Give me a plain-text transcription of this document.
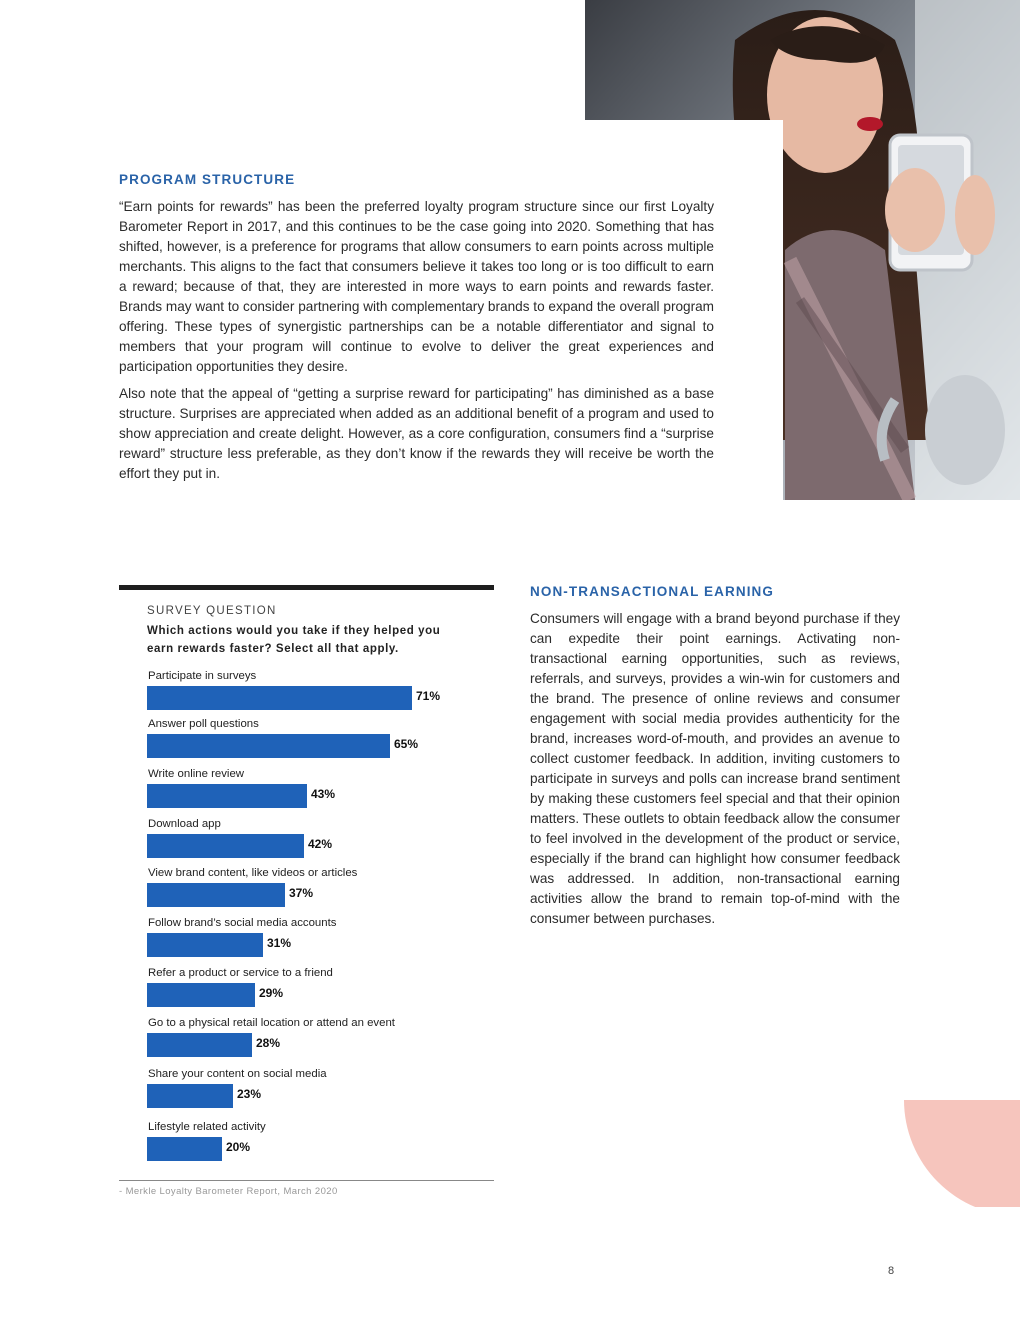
PROGRAM STRUCTURE

“Earn points for rewards” has been the preferred loyalty program structure since our first Loyalty Barometer Report in 2017, and this continues to be the case going into 2020. Something that has shifted, however, is a preference for programs that allow consumers to earn points across multiple merchants. This aligns to the fact that consumers believe it takes too long or is too difficult to earn a reward; because of that, they are interested in more ways to earn points and rewards faster. Brands may want to consider partnering with complementary brands to expand the overall program offering. These types of synergistic partnerships can be a notable differentiator and signal to members that your program will continue to evolve to deliver the great experiences and participation opportunities they desire.

Also note that the appeal of “getting a surprise reward for participating” has diminished as a base structure. Surprises are appreciated when added as an additional benefit of a program and used to show appreciation and create delight. However, as a core configuration, consumers find a “surprise reward” structure less preferable, as they don’t know if the rewards they will receive be worth the effort they put in.

SURVEY QUESTION
Which actions would you take if they helped you earn rewards faster? Select all that apply.
Participate in surveys
71%
Answer poll questions
65%
Write online review
43%
Download app
42%
View brand content, like videos or articles
37%
Follow brand’s social media accounts
31%
Refer a product or service to a friend
29%
Go to a physical retail location or attend an event
28%
Share your content on social media
23%
Lifestyle related activity
20%
- Merkle Loyalty Barometer Report, March 2020
NON-TRANSACTIONAL EARNING

Consumers will engage with a brand beyond purchase if they can expedite their point earnings. Activating non-transactional earning opportunities, such as reviews, referrals, and surveys, provides a win-win for customers and the brand. The presence of online reviews and consumer engagement with social media provides authenticity for the brand, increases word-of-mouth, and provides an avenue to collect customer feedback. In addition, inviting customers to participate in surveys and polls can increase brand sentiment by making these customers feel special and that their opinion matters. These outlets to obtain feedback allow the consumer to feel involved in the development of the product or service, especially if the brand can highlight how consumer feedback was addressed. In addition, non-transactional earning activities allow the brand to remain top-of-mind with the consumer between purchases.

8
